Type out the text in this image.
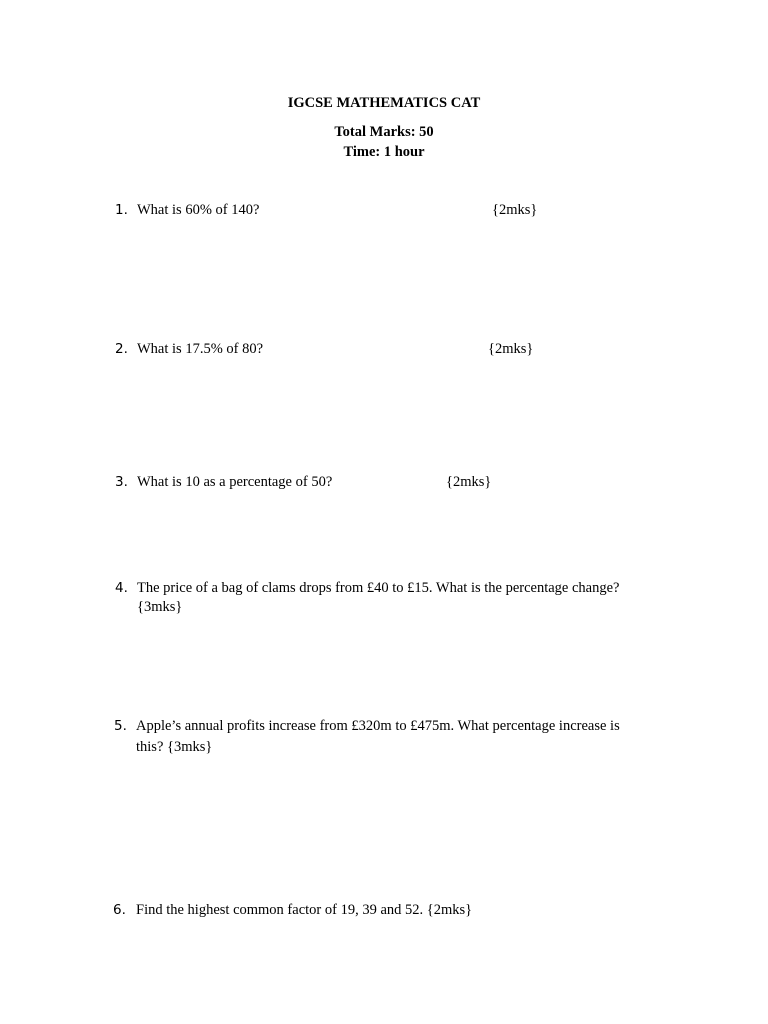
IGCSE MATHEMATICS CAT
Total Marks: 50
Time: 1 hour
1. What is 60% of 140?	{2mks}
2. What is 17.5% of 80?	{2mks}
3. What is 10 as a percentage of 50?	{2mks}
4. The price of a bag of clams drops from £40 to £15. What is the percentage change?
{3mks}
5. Apple’s annual profits increase from £320m to £475m. What percentage increase is
this? {3mks}
6. Find the highest common factor of 19, 39 and 52. {2mks}
